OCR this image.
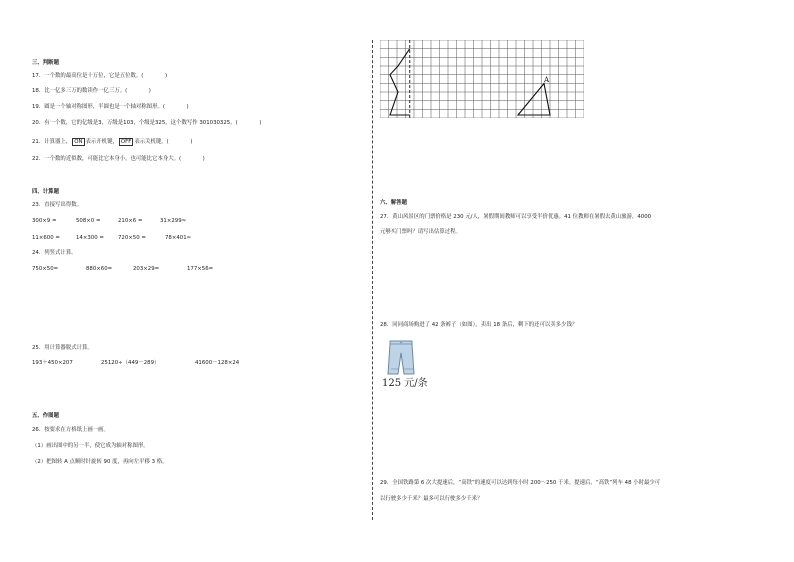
三、判断题
17．一个数的最高位是十万位，它是五位数。(　　　　)
18．比一亿多三万的数读作一亿三万。(　　　　)
19．圆是一个轴对称图形，半圆也是一个轴对称图形。(　　　　)
20．有一个数，它的亿级是3，万级是103，个级是325，这个数写作 301030325。(　　　　)
21．计算器上， ON 表示开机键， OFF 表示关机键。(　　　　)
22．一个数的近似数，可能比它本身小，也可能比它本身大。(　　　　)
四、计算题
23．直接写出得数。
300×9 =	508×0 =	210×6 =	31×299≈
11×600 =	14×300 =	720×50 =	78×401≈
24．列竖式计算。
750×50=	880×60=	203×29=	177×56=
25．用计算器脱式计算。
193＋450×207	25120÷（449－289）	41600－128×24
五、作图题
26．按要求在方格纸上画一画。
（1）画出图中的另一半，使它成为轴对称图形。
（2）把图转 A 点顺时针旋转 90 度，再向左平移 3 格。
A
六、解答题
27．黄山风景区的门票价格是 230 元/人，暑假期间教师可以享受半价优惠。41 位教师在暑假去黄山旅游，4000
元够买门票吗？请写出估算过程。
28．同同商场购进了 42 条裤子（如图），卖出 18 条后，剩下的还可以卖多少钱？
125 元/条
29．全国铁路第 6 次大提速后，“高铁”的速度可以达到每小时 200～250 千米。提速后，“高铁”列车 48 小时最少可
以行驶多少千米？最多可以行驶多少千米？
